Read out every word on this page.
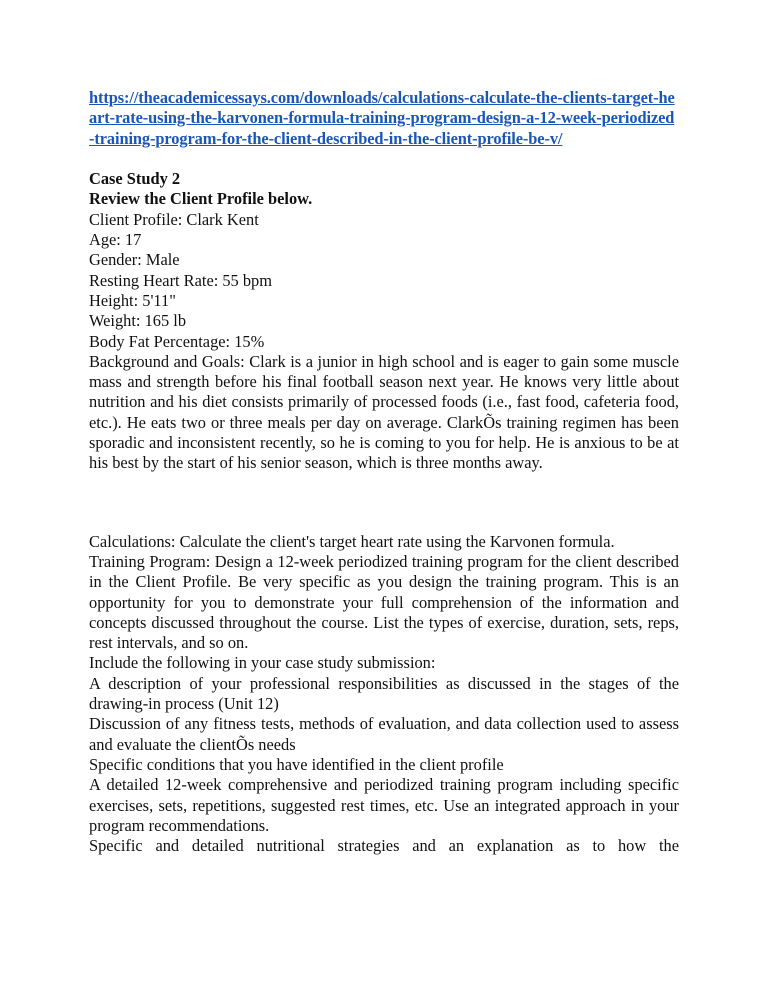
https://theacademicessays.com/downloads/calculations-calculate-the-clients-target-heart-rate-using-the-karvonen-formula-training-program-design-a-12-week-periodized-training-program-for-the-client-described-in-the-client-profile-be-v/

Case Study 2

Review the Client Profile below.

Client Profile: Clark Kent

Age: 17

Gender: Male

Resting Heart Rate: 55 bpm

Height: 5'11"

Weight: 165 lb

Body Fat Percentage: 15%

Background and Goals: Clark is a junior in high school and is eager to gain some muscle mass and strength before his final football season next year. He knows very little about nutrition and his diet consists primarily of processed foods (i.e., fast food, cafeteria food, etc.). He eats two or three meals per day on average. ClarkÕs training regimen has been sporadic and inconsistent recently, so he is coming to you for help. He is anxious to be at his best by the start of his senior season, which is three months away.

Calculations: Calculate the client's target heart rate using the Karvonen formula.

Training Program: Design a 12-week periodized training program for the client described in the Client Profile. Be very specific as you design the training program. This is an opportunity for you to demonstrate your full comprehension of the information and concepts discussed throughout the course. List the types of exercise, duration, sets, reps, rest intervals, and so on.

Include the following in your case study submission:

A description of your professional responsibilities as discussed in the stages of the drawing-in process (Unit 12)

Discussion of any fitness tests, methods of evaluation, and data collection used to assess and evaluate the clientÕs needs

Specific conditions that you have identified in the client profile

A detailed 12-week comprehensive and periodized training program including specific exercises, sets, repetitions, suggested rest times, etc. Use an integrated approach in your program recommendations.

Specific and detailed nutritional strategies and an explanation as to how the
